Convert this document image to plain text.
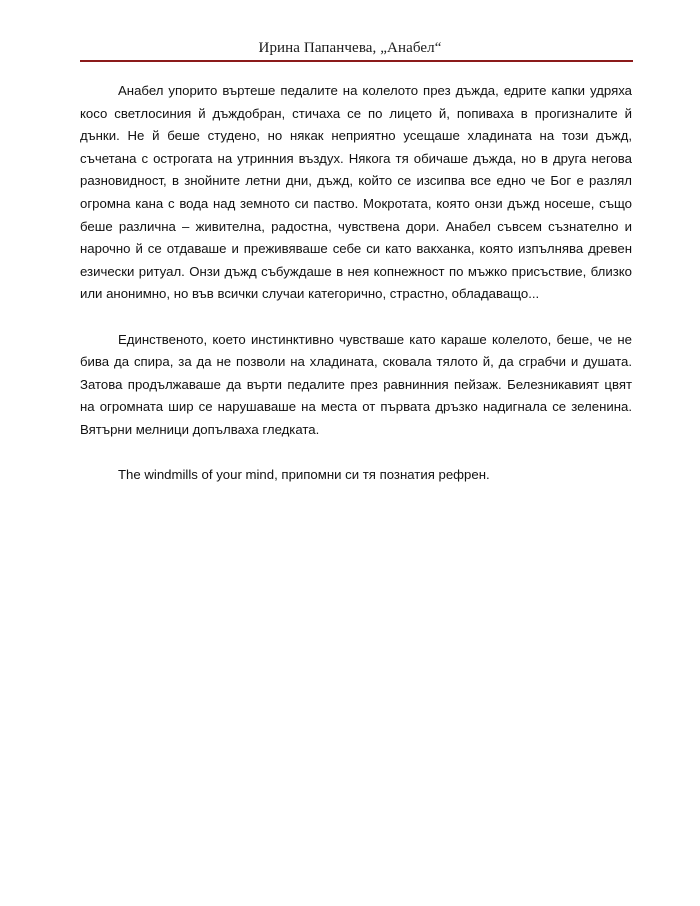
Ирина Папанчева, „Анабел“

Анабел упорито въртеше педалите на колелото през дъжда, едрите капки удряха косо светлосиния й дъждобран, стичаха се по лицето й, попиваха в прогизналите й дънки. Не й беше студено, но някак неприятно усещаше хладината на този дъжд, съчетана с острогата на утринния въздух. Някога тя обичаше дъжда, но в друга негова разновидност, в знойните летни дни, дъжд, който се изсипва все едно че Бог е разлял огромна кана с вода над земното си паство. Мокротата, която онзи дъжд носеше, също беше различна – живителна, радостна, чувствена дори. Анабел съвсем съзнателно и нарочно й се отдаваше и преживяваше себе си като вакханка, която изпълнява древен езически ритуал. Онзи дъжд събуждаше в нея копнежност по мъжко присъствие, близко или анонимно, но във всички случаи категорично, страстно, обладаващо...

Единственото, което инстинктивно чувстваше като караше колелото, беше, че не бива да спира, за да не позволи на хладината, сковала тялото й, да сграбчи и душата. Затова продължаваше да върти педалите през равнинния пейзаж. Белезникавият цвят на огромната шир се нарушаваше на места от първата дръзко надигнала се зеленина. Вятърни мелници допълваха гледката.

The windmills of your mind, припомни си тя познатия рефрен.
